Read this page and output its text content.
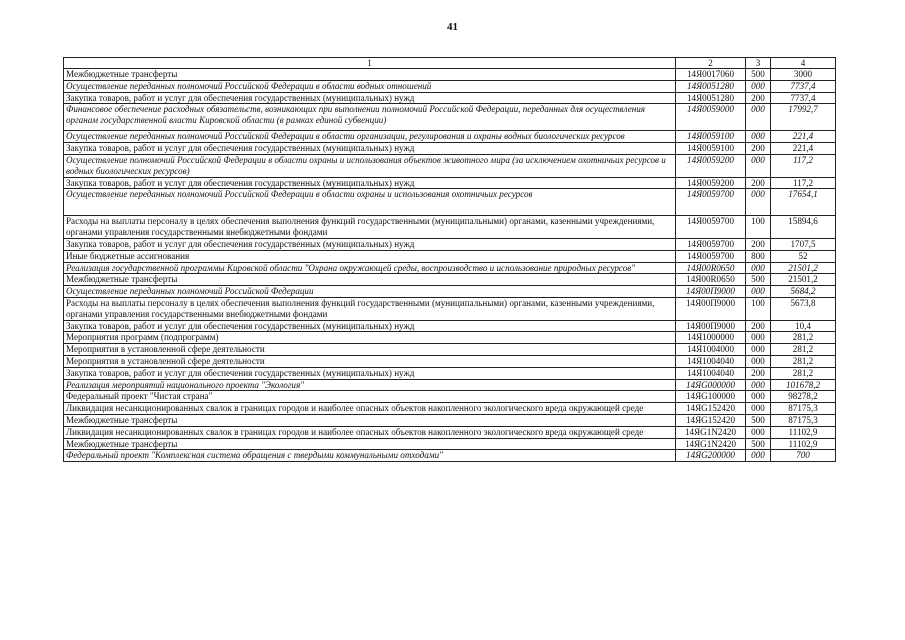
41
1	2	3	4
Межбюджетные трансферты	14Я0017060	500	3000
Осуществление переданных полномочий Российской Федерации в области водных отношений	14Я0051280	000	7737,4
Закупка товаров, работ и услуг для обеспечения государственных (муниципальных) нужд	14Я0051280	200	7737,4
Финансовое обеспечение расходных обязательств, возникающих при выполнении полномочий Российской Федерации, переданных для осуществления органам государственной власти Кировской области (в рамках единой субвенции)	14Я0059000	000	17992,7
Осуществление переданных полномочий Российской Федерации в области организации, регулирования и охраны водных биологических ресурсов	14Я0059100	000	221,4
Закупка товаров, работ и услуг для обеспечения государственных (муниципальных) нужд	14Я0059100	200	221,4
Осуществление полномочий Российской Федерации в области охраны и использования объектов животного мира (за исключением охотничьих ресурсов и водных биологических ресурсов)	14Я0059200	000	117,2
Закупка товаров, работ и услуг для обеспечения государственных (муниципальных) нужд	14Я0059200	200	117,2
Осуществление переданных полномочий Российской Федерации в области охраны и использования охотничьих ресурсов	14Я0059700	000	17654,1
Расходы на выплаты персоналу в целях обеспечения выполнения функций государственными (муниципальными) органами, казенными учреждениями, органами управления государственными внебюджетными фондами	14Я0059700	100	15894,6
Закупка товаров, работ и услуг для обеспечения государственных (муниципальных) нужд	14Я0059700	200	1707,5
Иные бюджетные ассигнования	14Я0059700	800	52
Реализация государственной программы Кировской области "Охрана окружающей среды, воспроизводство и использование природных ресурсов"	14Я00R0650	000	21501,2
Межбюджетные трансферты	14Я00R0650	500	21501,2
Осуществление переданных полномочий Российской Федерации	14Я00П9000	000	5684,2
Расходы на выплаты персоналу в целях обеспечения выполнения функций государственными (муниципальными) органами, казенными учреждениями, органами управления государственными внебюджетными фондами	14Я00П9000	100	5673,8
Закупка товаров, работ и услуг для обеспечения государственных (муниципальных) нужд	14Я00П9000	200	10,4
Мероприятия программ (подпрограмм)	14Я1000000	000	281,2
Мероприятия в установленной сфере деятельности	14Я1004000	000	281,2
Мероприятия в установленной сфере деятельности	14Я1004040	000	281,2
Закупка товаров, работ и услуг для обеспечения государственных (муниципальных) нужд	14Я1004040	200	281,2
Реализация мероприятий национального проекта "Экология"	14ЯG000000	000	101678,2
Федеральный проект "Чистая страна"	14ЯG100000	000	98278,2
Ликвидация несанкционированных свалок в границах городов и наиболее опасных объектов накопленного экологического вреда окружающей среде	14ЯG152420	000	87175,3
Межбюджетные трансферты	14ЯG152420	500	87175,3
Ликвидация несанкционированных свалок в границах городов и наиболее опасных объектов накопленного экологического вреда окружающей среде	14ЯG1N2420	000	11102,9
Межбюджетные трансферты	14ЯG1N2420	500	11102,9
Федеральный проект "Комплексная система обращения с твердыми коммунальными отходами"	14ЯG200000	000	700
